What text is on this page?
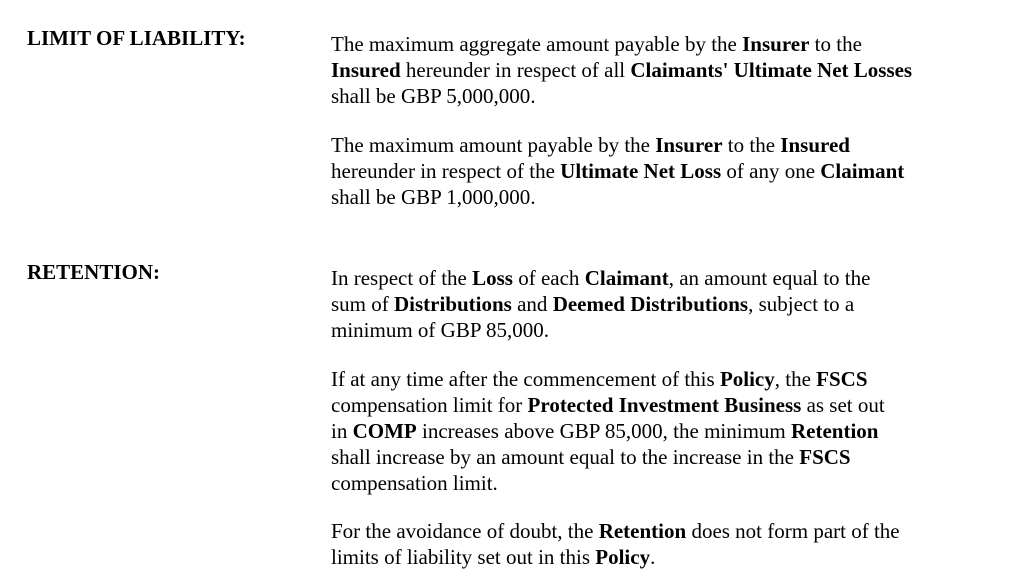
LIMIT OF LIABILITY:	The maximum aggregate amount payable by the Insurer to the
Insured hereunder in respect of all Claimants' Ultimate Net Losses
shall be GBP 5,000,000.
The maximum amount payable by the Insurer to the Insured
hereunder in respect of the Ultimate Net Loss of any one Claimant
shall be GBP 1,000,000.
RETENTION:	In respect of the Loss of each Claimant, an amount equal to the
sum of Distributions and Deemed Distributions, subject to a
minimum of GBP 85,000.
If at any time after the commencement of this Policy, the FSCS
compensation limit for Protected Investment Business as set out
in COMP increases above GBP 85,000, the minimum Retention
shall increase by an amount equal to the increase in the FSCS
compensation limit.
For the avoidance of doubt, the Retention does not form part of the
limits of liability set out in this Policy.
